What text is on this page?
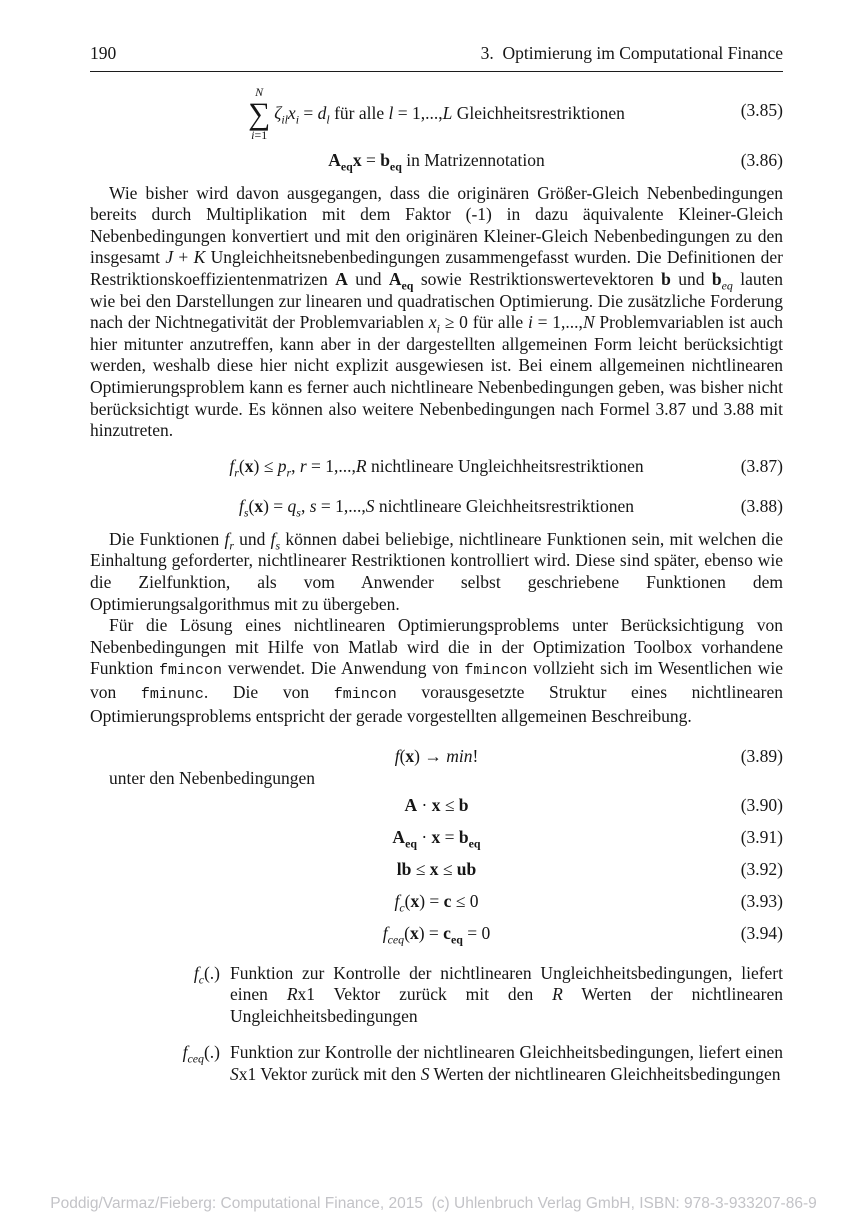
190	3.  Optimierung im Computational Finance
N
∑
i=1
$\zeta_{il}x_i = d_l$ für alle l = 1,...,L Gleichheitsrestriktionen	(3.85)
$A_{eq}x = b_{eq}$ in Matrizennotation	(3.86)

Wie bisher wird davon ausgegangen, dass die originären Größer-Gleich Nebenbedingungen bereits durch Multiplikation mit dem Faktor (-1) in dazu äquivalente Kleiner-Gleich Nebenbedingungen konvertiert und mit den originären Kleiner-Gleich Nebenbedingungen zu den insgesamt J + K Ungleichheitsnebenbedingungen zusammengefasst wurden. Die Definitionen der Restriktionskoeffizientenmatrizen A und $A_{eq}$ sowie Restriktionswertevektoren b und $b_{eq}$ lauten wie bei den Darstellungen zur linearen und quadratischen Optimierung. Die zusätzliche Forderung nach der Nichtnegativität der Problemvariablen $x_i \ge 0$ für alle i = 1,...,N Problemvariablen ist auch hier mitunter anzutreffen, kann aber in der dargestellten allgemeinen Form leicht berücksichtigt werden, weshalb diese hier nicht explizit ausgewiesen ist. Bei einem allgemeinen nichtlinearen Optimierungsproblem kann es ferner auch nichtlineare Nebenbedingungen geben, was bisher nicht berücksichtigt wurde. Es können also weitere Nebenbedingungen nach Formel 3.87 und 3.88 mit hinzutreten.

$f_r(x) \le p_r$, r = 1,...,R nichtlineare Ungleichheitsrestriktionen	(3.87)
$f_s(x) = q_s$, s = 1,...,S nichtlineare Gleichheitsrestriktionen	(3.88)

Die Funktionen $f_r$ und $f_s$ können dabei beliebige, nichtlineare Funktionen sein, mit welchen die Einhaltung geforderter, nichtlinearer Restriktionen kontrolliert wird. Diese sind später, ebenso wie die Zielfunktion, als vom Anwender selbst geschriebene Funktionen dem Optimierungsalgorithmus mit zu übergeben.

Für die Lösung eines nichtlinearen Optimierungsproblems unter Berücksichtigung von Nebenbedingungen mit Hilfe von Matlab wird die in der Optimization Toolbox vorhandene Funktion fmincon verwendet. Die Anwendung von fmincon vollzieht sich im Wesentlichen wie von fminunc. Die von fmincon vorausgesetzte Struktur eines nichtlinearen Optimierungsproblems entspricht der gerade vorgestellten allgemeinen Beschreibung.

f(x) → min!	(3.89)

unter den Nebenbedingungen

A · x ≤ b	(3.90)
$A_{eq} \cdot x = b_{eq}$	(3.91)
lb ≤ x ≤ ub	(3.92)
$f_c(x) = c \le 0$	(3.93)
$f_{ceq}(x) = c_{eq} = 0$	(3.94)
$f_c(.)$ Funktion zur Kontrolle der nichtlinearen Ungleichheitsbedingungen, liefert einen Rx1 Vektor zurück mit den R Werten der nichtlinearen Ungleichheitsbedingungen
$f_{ceq}(.)$ Funktion zur Kontrolle der nichtlinearen Gleichheitsbedingungen, liefert einen Sx1 Vektor zurück mit den S Werten der nichtlinearen Gleichheitsbedingungen
Poddig/Varmaz/Fieberg: Computational Finance, 2015  (c) Uhlenbruch Verlag GmbH, ISBN: 978-3-933207-86-9
